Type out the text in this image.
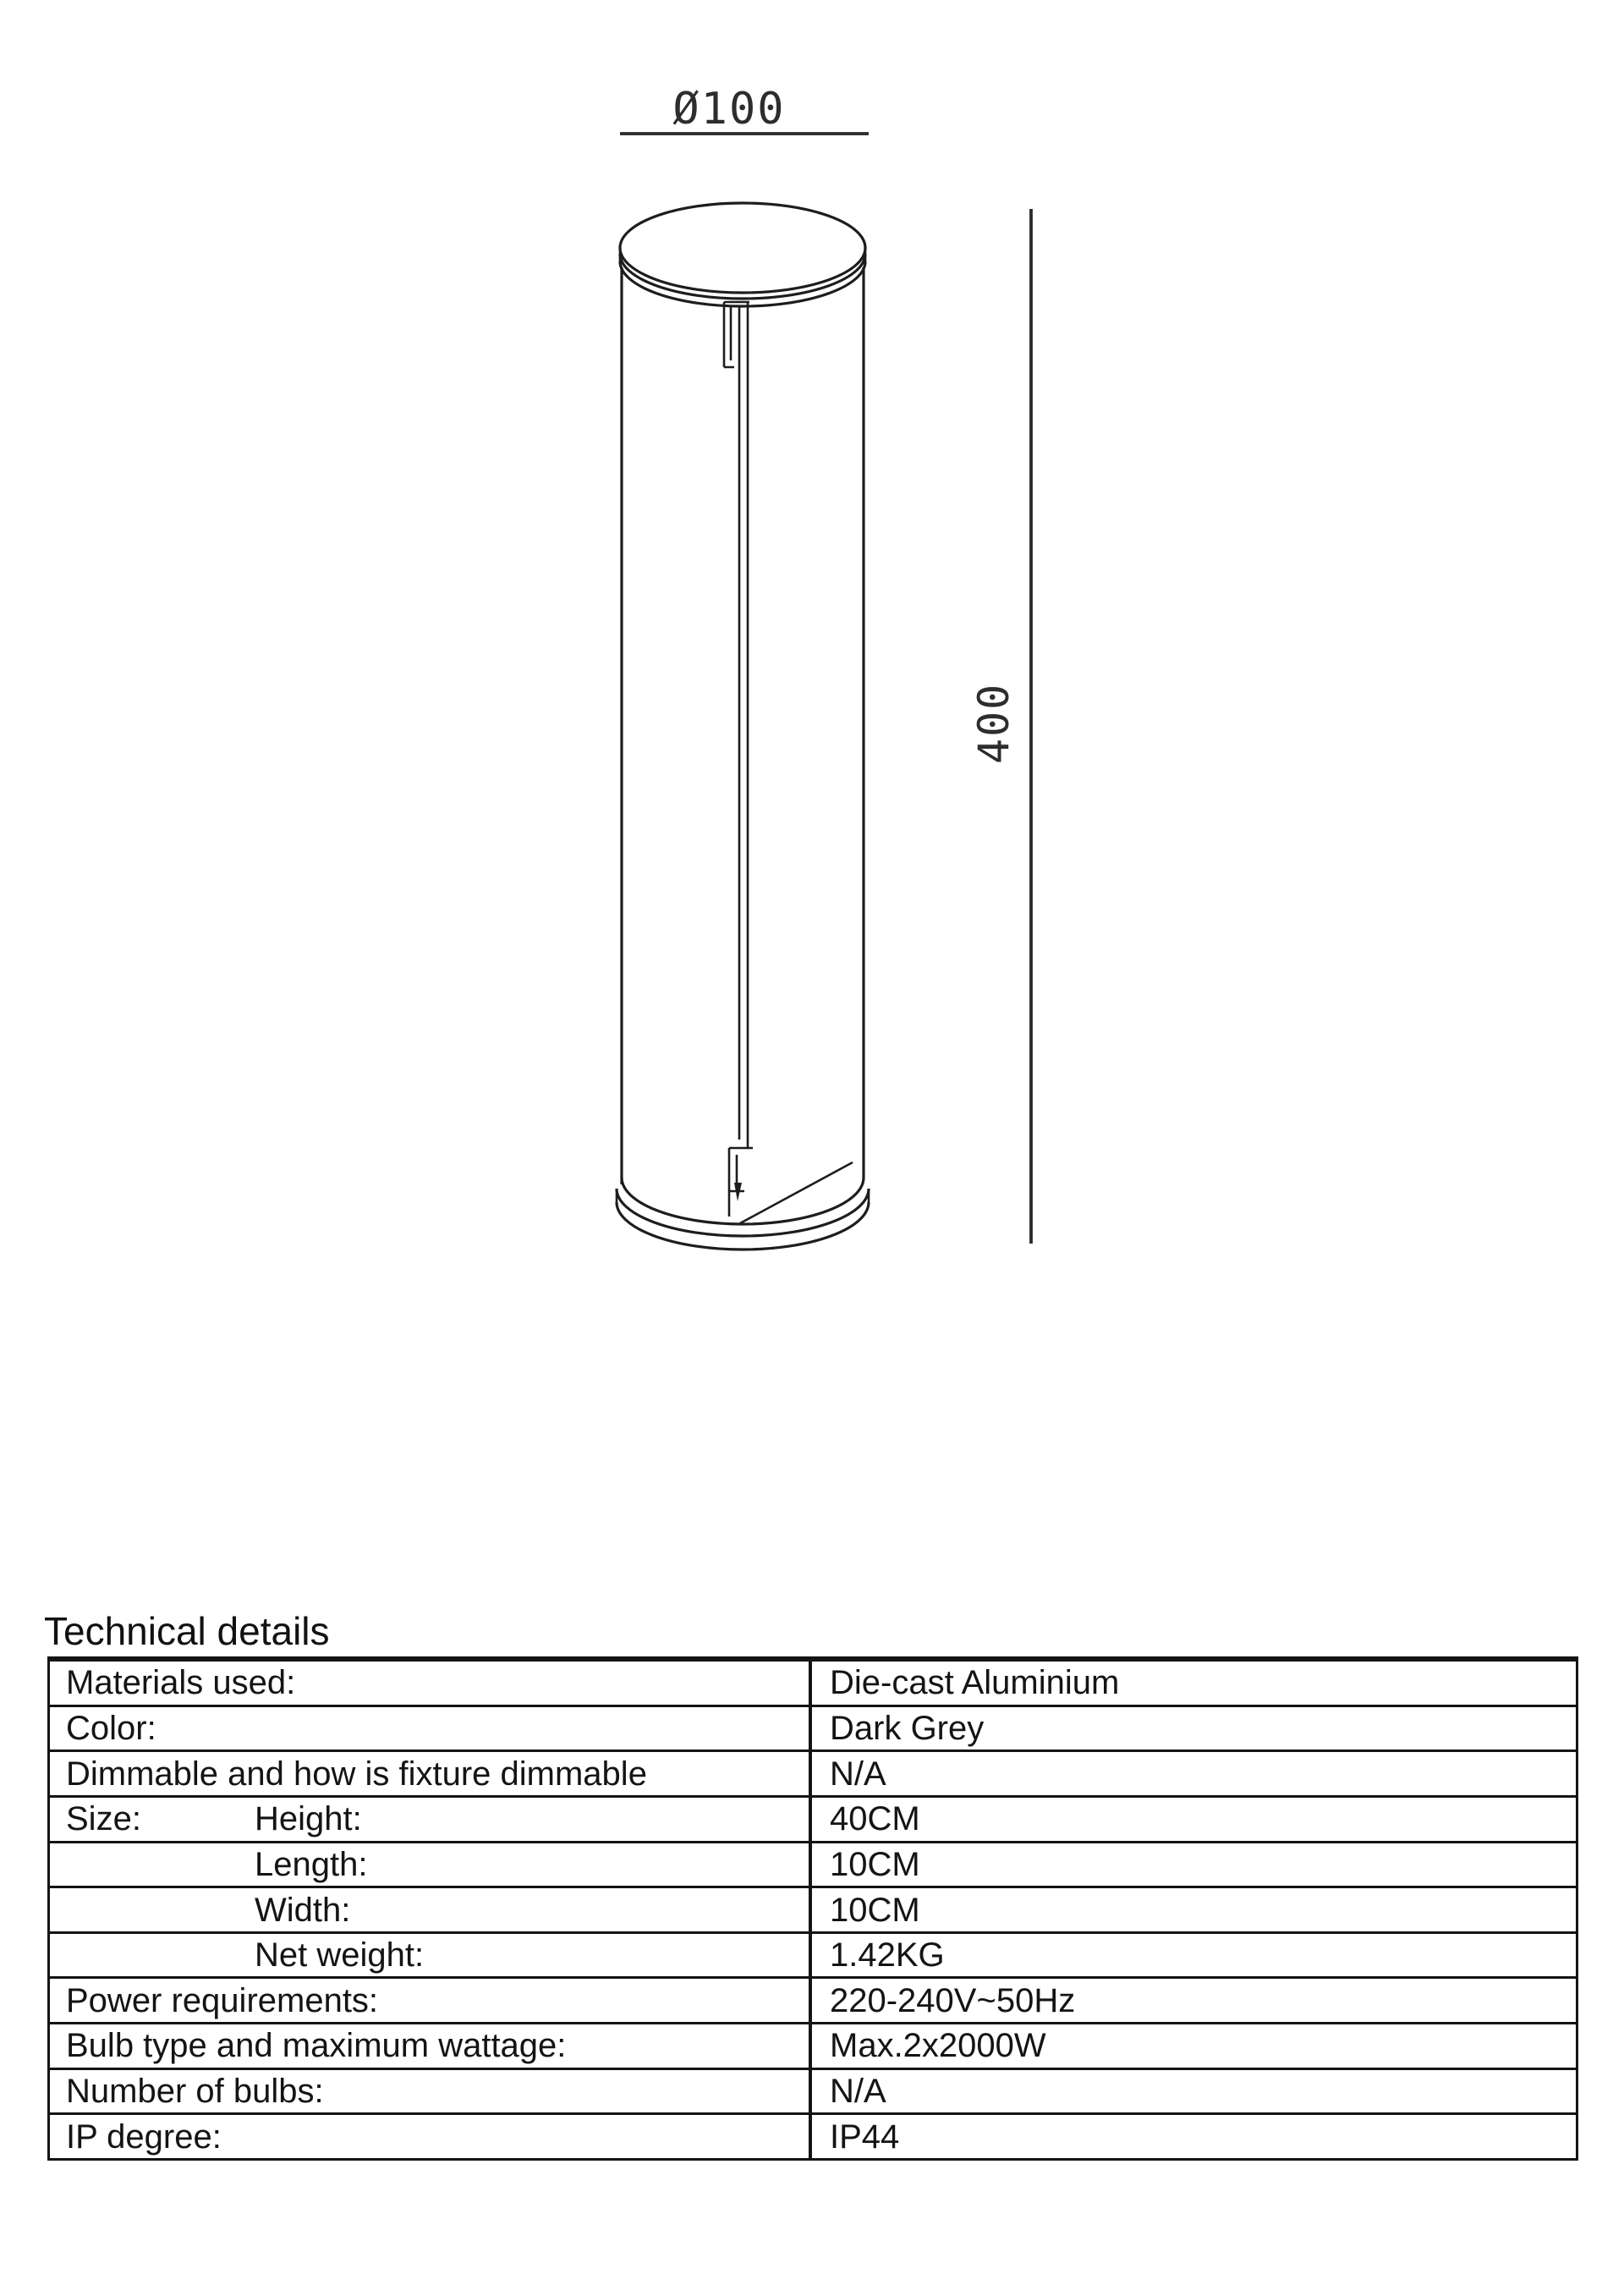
Ø100
400
Technical details
Materials used:	Die-cast Aluminium
Color:	Dark Grey
Dimmable and how is fixture dimmable	N/A
Size:	Height:	40CM
Length:	10CM
Width:	10CM
Net weight:	1.42KG
Power requirements:	220-240V~50Hz
Bulb type and maximum wattage:	Max.2x2000W
Number of bulbs:	N/A
IP degree:	IP44
